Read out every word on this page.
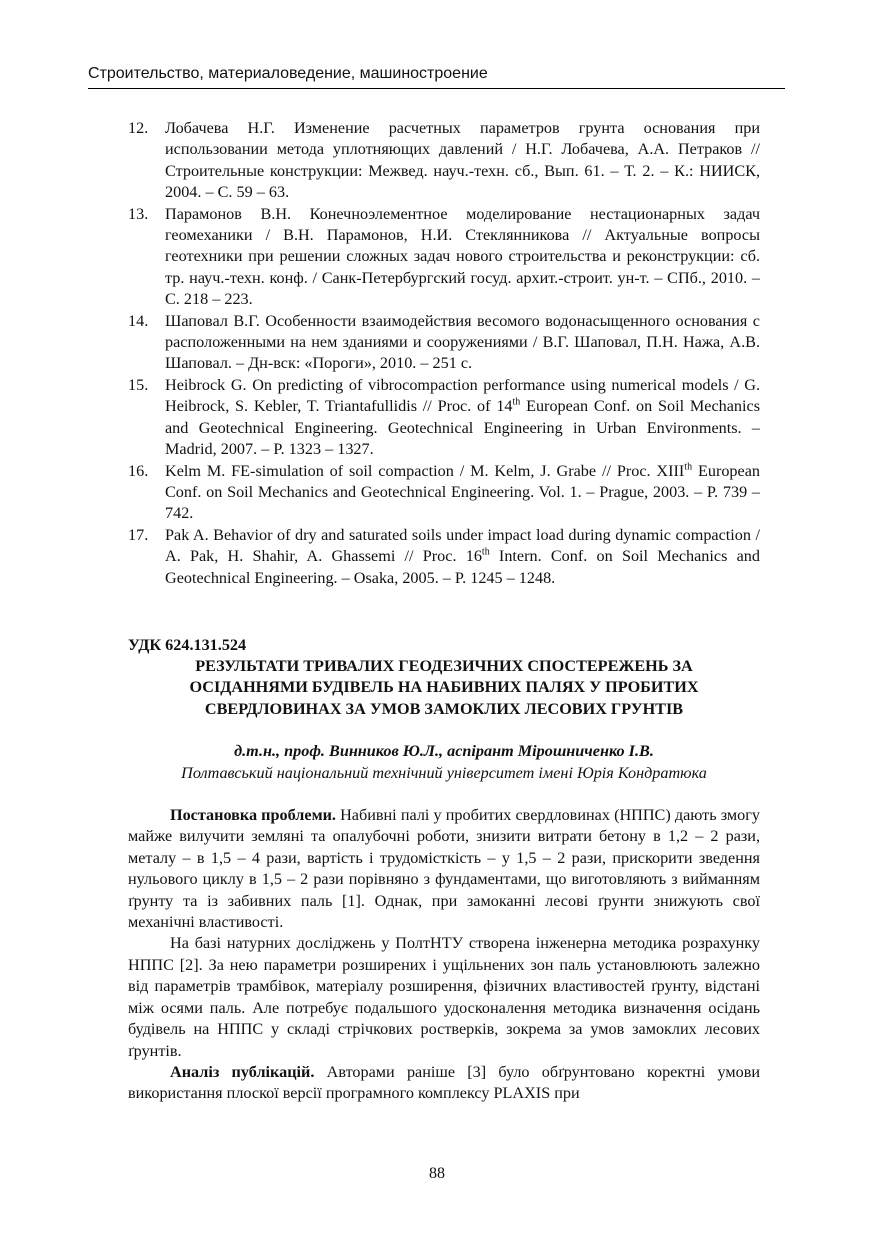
Строительство, материаловедение, машиностроение
12. Лобачева Н.Г. Изменение расчетных параметров грунта основания при использовании метода уплотняющих давлений / Н.Г. Лобачева, А.А. Петраков // Строительные конструкции: Межвед. науч.-техн. сб., Вып. 61. – Т. 2. – К.: НИИСК, 2004. – С. 59 – 63.
13. Парамонов В.Н. Конечноэлементное моделирование нестационарных задач геомеханики / В.Н. Парамонов, Н.И. Стеклянникова // Актуальные вопросы геотехники при решении сложных задач нового строительства и реконструкции: сб. тр. науч.-техн. конф. / Санк-Петербургский госуд. архит.-строит. ун-т. – СПб., 2010. – С. 218 – 223.
14. Шаповал В.Г. Особенности взаимодействия весомого водонасыщенного основания с расположенными на нем зданиями и сооружениями / В.Г. Шаповал, П.Н. Нажа, А.В. Шаповал. – Дн-вск: «Пороги», 2010. – 251 с.
15. Heibrock G. On predicting of vibrocompaction performance using numerical models / G. Heibrock, S. Kebler, T. Triantafullidis // Proc. of 14th European Conf. on Soil Mechanics and Geotechnical Engineering. Geotechnical Engineering in Urban Environments. – Madrid, 2007. – P. 1323 – 1327.
16. Kelm M. FE-simulation of soil compaction / M. Kelm, J. Grabe // Proc. XIIIth European Conf. on Soil Mechanics and Geotechnical Engineering. Vol. 1. – Prague, 2003. – P. 739 – 742.
17. Pak A. Behavior of dry and saturated soils under impact load during dynamic compaction / A. Pak, H. Shahir, A. Ghassemi // Proc. 16th Intern. Conf. on Soil Mechanics and Geotechnical Engineering. – Osaka, 2005. – P. 1245 – 1248.
УДК 624.131.524
РЕЗУЛЬТАТИ ТРИВАЛИХ ГЕОДЕЗИЧНИХ СПОСТЕРЕЖЕНЬ ЗА
ОСІДАННЯМИ БУДІВЕЛЬ НА НАБИВНИХ ПАЛЯХ У ПРОБИТИХ
СВЕРДЛОВИНАХ ЗА УМОВ ЗАМОКЛИХ ЛЕСОВИХ ГРУНТІВ
д.т.н., проф. Винников Ю.Л., аспірант Мірошниченко І.В.
Полтавський національний технічний університет імені Юрія Кондратюка

Постановка проблеми. Набивні палі у пробитих свердловинах (НППС) дають змогу майже вилучити земляні та опалубочні роботи, знизити витрати бетону в 1,2 – 2 рази, металу – в 1,5 – 4 рази, вартість і трудомісткість – у 1,5 – 2 рази, прискорити зведення нульового циклу в 1,5 – 2 рази порівняно з фундаментами, що виготовляють з вийманням ґрунту та із забивних паль [1]. Однак, при замоканні лесові ґрунти знижують свої механічні властивості.

На базі натурних досліджень у ПолтНТУ створена інженерна методика розрахунку НППС [2]. За нею параметри розширених і ущільнених зон паль установлюють залежно від параметрів трамбівок, матеріалу розширення, фізичних властивостей ґрунту, відстані між осями паль. Але потребує подальшого удосконалення методика визначення осідань будівель на НППС у складі стрічкових ростверків, зокрема за умов замоклих лесових ґрунтів.

Аналіз публікацій. Авторами раніше [3] було обґрунтовано коректні умови використання плоскої версії програмного комплексу PLAXIS при

88
